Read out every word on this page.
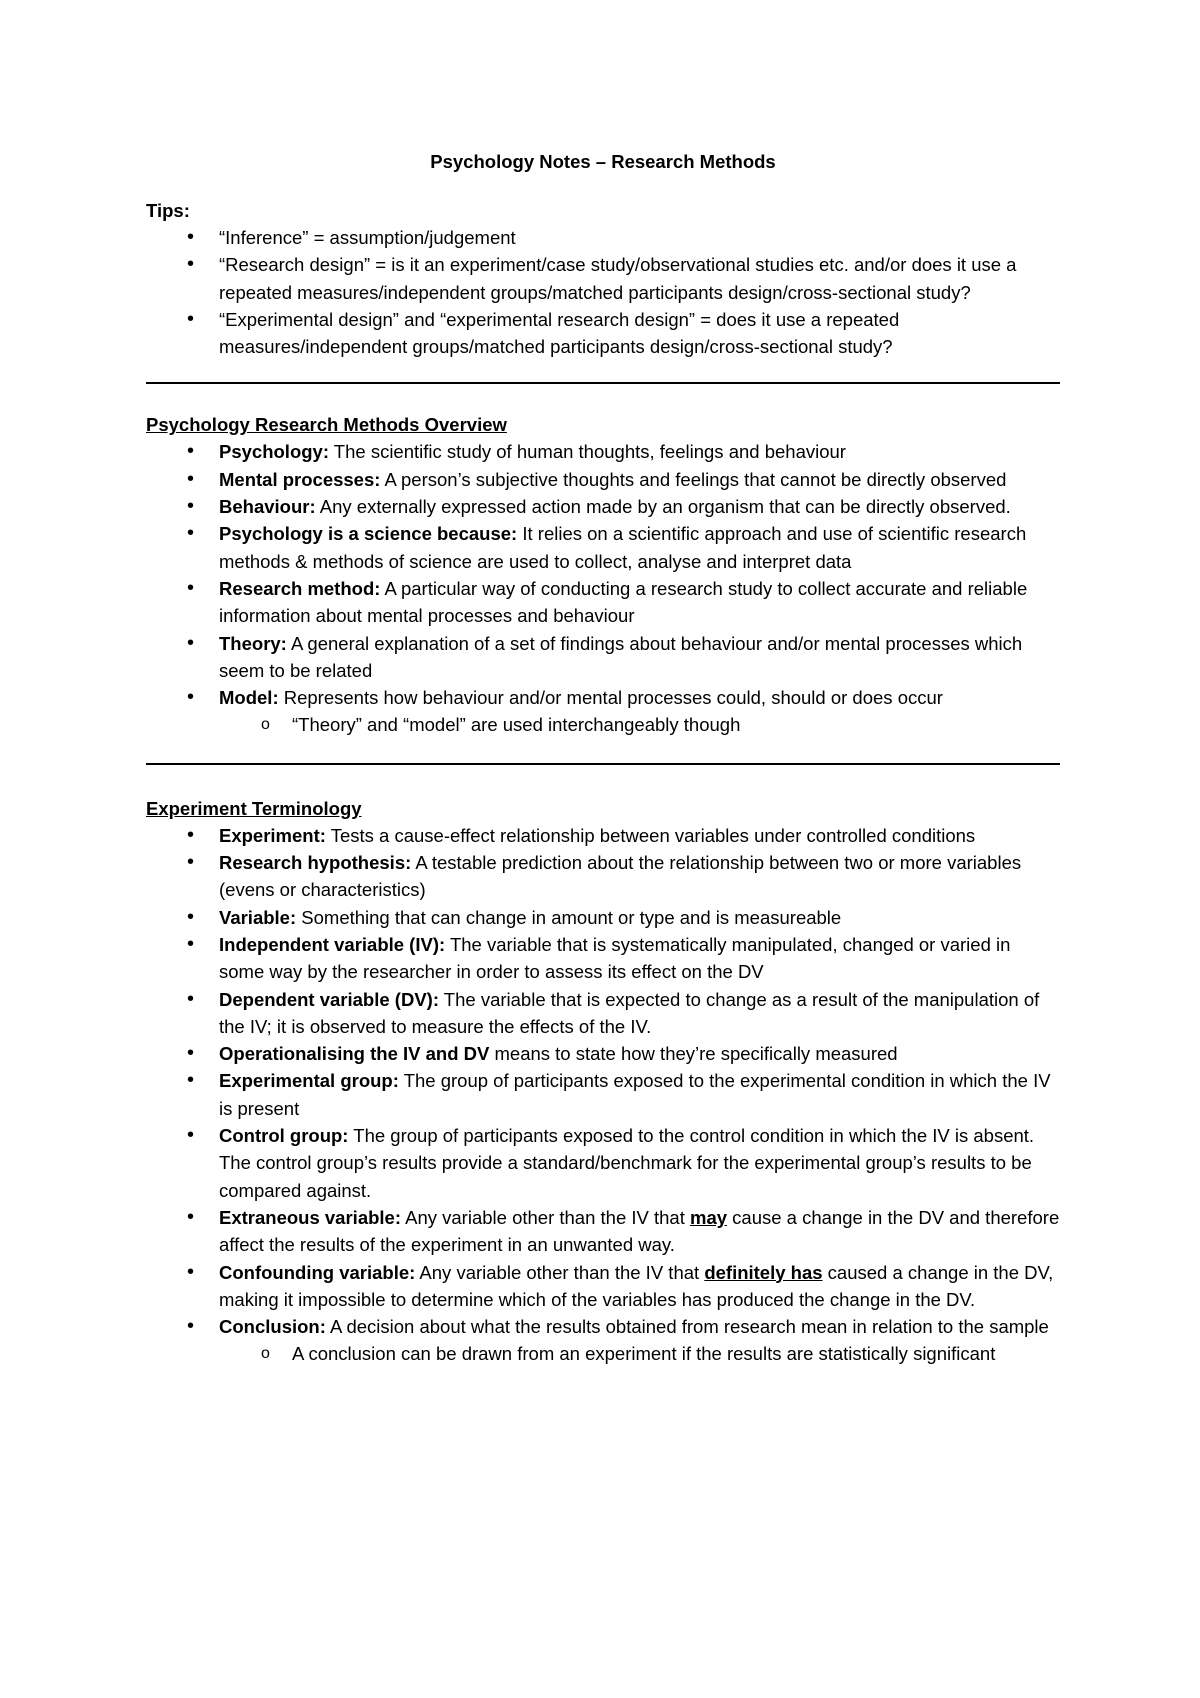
Psychology Notes – Research Methods

Tips:

• “Inference” = assumption/judgement
• “Research design” = is it an experiment/case study/observational studies etc. and/or does it use a repeated measures/independent groups/matched participants design/cross-sectional study?
• “Experimental design” and “experimental research design” = does it use a repeated measures/independent groups/matched participants design/cross-sectional study?

Psychology Research Methods Overview

• Psychology: The scientific study of human thoughts, feelings and behaviour
• Mental processes: A person’s subjective thoughts and feelings that cannot be directly observed
• Behaviour: Any externally expressed action made by an organism that can be directly observed.
• Psychology is a science because: It relies on a scientific approach and use of scientific research methods & methods of science are used to collect, analyse and interpret data
• Research method: A particular way of conducting a research study to collect accurate and reliable information about mental processes and behaviour
• Theory: A general explanation of a set of findings about behaviour and/or mental processes which seem to be related
• Model: Represents how behaviour and/or mental processes could, should or does occur
o “Theory” and “model” are used interchangeably though

Experiment Terminology

• Experiment: Tests a cause-effect relationship between variables under controlled conditions
• Research hypothesis: A testable prediction about the relationship between two or more variables (evens or characteristics)
• Variable: Something that can change in amount or type and is measureable
• Independent variable (IV): The variable that is systematically manipulated, changed or varied in some way by the researcher in order to assess its effect on the DV
• Dependent variable (DV): The variable that is expected to change as a result of the manipulation of the IV; it is observed to measure the effects of the IV.
• Operationalising the IV and DV means to state how they’re specifically measured
• Experimental group: The group of participants exposed to the experimental condition in which the IV is present
• Control group: The group of participants exposed to the control condition in which the IV is absent. The control group’s results provide a standard/benchmark for the experimental group’s results to be compared against.
• Extraneous variable: Any variable other than the IV that may cause a change in the DV and therefore affect the results of the experiment in an unwanted way.
• Confounding variable: Any variable other than the IV that definitely has caused a change in the DV, making it impossible to determine which of the variables has produced the change in the DV.
• Conclusion: A decision about what the results obtained from research mean in relation to the sample
o A conclusion can be drawn from an experiment if the results are statistically significant
